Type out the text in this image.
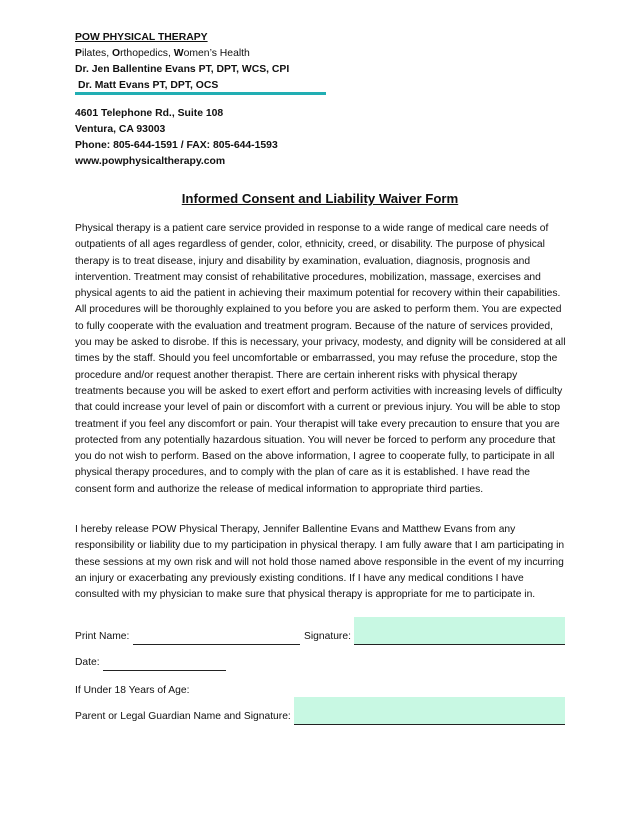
POW PHYSICAL THERAPY
Pilates, Orthopedics, Women’s Health
Dr. Jen Ballentine Evans PT, DPT, WCS, CPI
Dr. Matt Evans PT, DPT, OCS
4601 Telephone Rd., Suite 108
Ventura, CA 93003
Phone: 805-644-1591 / FAX: 805-644-1593
www.powphysicaltherapy.com
Informed Consent and Liability Waiver Form

Physical therapy is a patient care service provided in response to a wide range of medical care needs of outpatients of all ages regardless of gender, color, ethnicity, creed, or disability. The purpose of physical therapy is to treat disease, injury and disability by examination, evaluation, diagnosis, prognosis and intervention. Treatment may consist of rehabilitative procedures, mobilization, massage, exercises and physical agents to aid the patient in achieving their maximum potential for recovery within their capabilities. All procedures will be thoroughly explained to you before you are asked to perform them. You are expected to fully cooperate with the evaluation and treatment program. Because of the nature of services provided, you may be asked to disrobe. If this is necessary, your privacy, modesty, and dignity will be considered at all times by the staff. Should you feel uncomfortable or embarrassed, you may refuse the procedure, stop the procedure and/or request another therapist. There are certain inherent risks with physical therapy treatments because you will be asked to exert effort and perform activities with increasing levels of difficulty that could increase your level of pain or discomfort with a current or previous injury. You will be able to stop treatment if you feel any discomfort or pain. Your therapist will take every precaution to ensure that you are protected from any potentially hazardous situation. You will never be forced to perform any procedure that you do not wish to perform. Based on the above information, I agree to cooperate fully, to participate in all physical therapy procedures, and to comply with the plan of care as it is established. I have read the consent form and authorize the release of medical information to appropriate third parties.

I hereby release POW Physical Therapy, Jennifer Ballentine Evans and Matthew Evans from any responsibility or liability due to my participation in physical therapy. I am fully aware that I am participating in these sessions at my own risk and will not hold those named above responsible in the event of my incurring an injury or exacerbating any previously existing conditions. If I have any medical conditions I have consulted with my physician to make sure that physical therapy is appropriate for me to participate in.

Print Name:	Signature:
Date:
If Under 18 Years of Age:
Parent or Legal Guardian Name and Signature:
